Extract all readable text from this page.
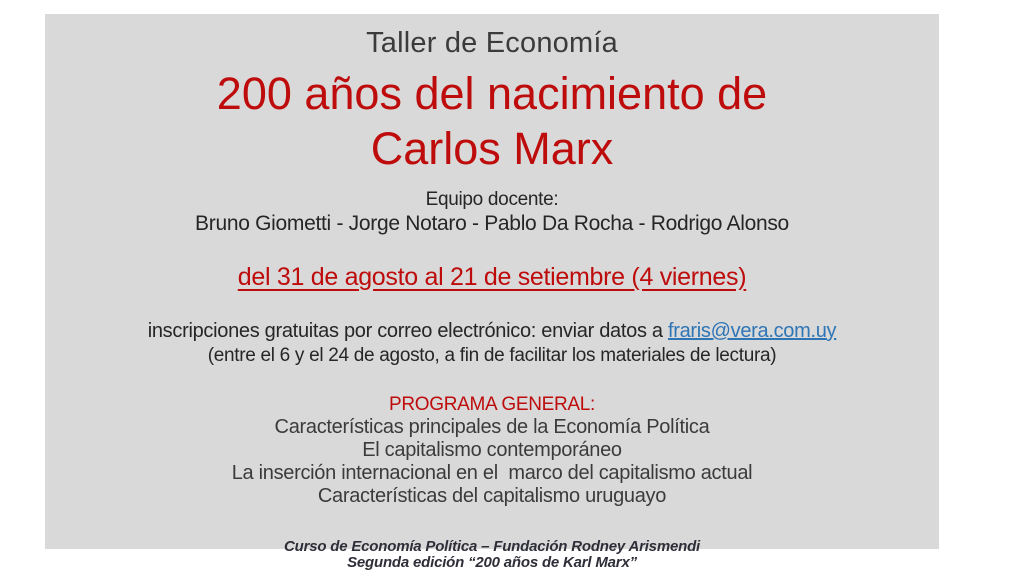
Taller de Economía
200 años del nacimiento de
Carlos Marx
Equipo docente:
Bruno Giometti - Jorge Notaro - Pablo Da Rocha - Rodrigo Alonso
del 31 de agosto al 21 de setiembre (4 viernes)
inscripciones gratuitas por correo electrónico: enviar datos a fraris@vera.com.uy
(entre el 6 y el 24 de agosto, a fin de facilitar los materiales de lectura)
PROGRAMA GENERAL:
Características principales de la Economía Política
El capitalismo contemporáneo
La inserción internacional en el  marco del capitalismo actual
Características del capitalismo uruguayo
Curso de Economía Política – Fundación Rodney Arismendi
Segunda edición “200 años de Karl Marx”
